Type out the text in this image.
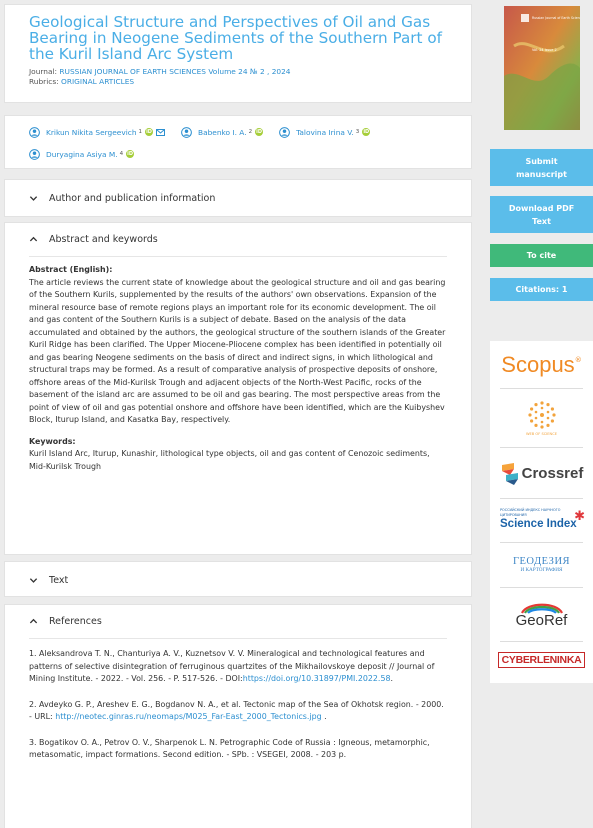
Geological Structure and Perspectives of Oil and Gas Bearing in Neogene Sediments of the Southern Part of the Kuril Island Arc System
Journal: RUSSIAN JOURNAL OF EARTH SCIENCES Volume 24 № 2 , 2024
Rubrics: ORIGINAL ARTICLES
Krikun Nikita Sergeevich 1 iD	Babenko I. A. 2 iD	Talovina Irina V. 3 iD
Duryagina Asiya M. 4 iD
Author and publication information
Abstract and keywords
Abstract (English):
The article reviews the current state of knowledge about the geological structure and oil and gas bearing of the Southern Kurils, supplemented by the results of the authors' own observations. Expansion of the mineral resource base of remote regions plays an important role for its economic development. The oil and gas content of the Southern Kurils is a subject of debate. Based on the analysis of the data accumulated and obtained by the authors, the geological structure of the southern islands of the Greater Kuril Ridge has been clarified. The Upper Miocene-Pliocene complex has been identified in potentially oil and gas bearing Neogene sediments on the basis of direct and indirect signs, in which lithological and structural traps may be formed. As a result of comparative analysis of prospective deposits of onshore, offshore areas of the Mid-Kurilsk Trough and adjacent objects of the North-West Pacific, rocks of the basement of the island arc are assumed to be oil and gas bearing. The most perspective areas from the point of view of oil and gas potential onshore and offshore have been identified, which are the Kuibyshev Block, Iturup Island, and Kasatka Bay, respectively.
Keywords:
Kuril Island Arc, Iturup, Kunashir, lithological type objects, oil and gas content of Cenozoic sediments, Mid-Kurilsk Trough
Text
References
1. Aleksandrova T. N., Chanturiya A. V., Kuznetsov V. V. Mineralogical and technological features and patterns of selective disintegration of ferruginous quartzites of the Mikhailovskoye deposit // Journal of Mining Institute. - 2022. - Vol. 256. - P. 517-526. - DOI:https://doi.org/10.31897/PMI.2022.58.
2. Avdeyko G. P., Areshev E. G., Bogdanov N. A., et al. Tectonic map of the Sea of Okhotsk region. - 2000. - URL: http://neotec.ginras.ru/neomaps/M025_Far-East_2000_Tectonics.jpg .
3. Bogatikov O. A., Petrov O. V., Sharpenok L. N. Petrographic Code of Russia : Igneous, metamorphic, metasomatic, impact formations. Second edition. - SPb. : VSEGEI, 2008. - 203 p.
Russian Journal of Earth Sciences
Vol. 24 Issue 2
Submit manuscript
Download PDF Text
To cite
Citations: 1
Scopus ®
WEB OF SCIENCE
Crossref
РОССИЙСКИЙ ИНДЕКС НАУЧНОГО ЦИТИРОВАНИЯ
Science Index
✱
ГЕОДЕЗИЯ
И КАРТОГРАФИЯ
GeoRef
CYBERLENINKA
